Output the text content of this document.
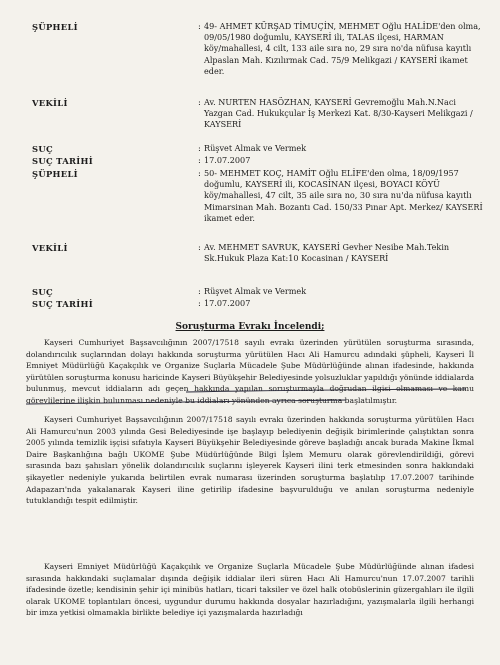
ŞÜPHELİ	: 49- AHMET KÜRŞAD TİMUÇİN, MEHMET Oğlu HALİDE'den olma, 09/05/1980 doğumlu, KAYSERİ ili, TALAS ilçesi, HARMAN köy/mahallesi, 4 cilt, 133 aile sıra no, 29 sıra no'da nüfusa kayıtlı Alpaslan Mah. Kızılırmak Cad. 75/9 Melikgazi / KAYSERİ ikamet eder.
VEKİLİ	: Av. NURTEN HASÖZHAN, KAYSERİ Gevremoğlu Mah.N.Naci Yazgan Cad. Hukukçular İş Merkezi Kat. 8/30-Kayseri Melikgazi / KAYSERİ
SUÇ	: Rüşvet Almak ve Vermek
SUÇ TARİHİ	: 17.07.2007
ŞÜPHELİ	: 50- MEHMET KOÇ, HAMİT Oğlu ELİFE'den olma, 18/09/1957 doğumlu, KAYSERİ ili, KOCASİNAN ilçesi, BOYACI KÖYÜ köy/mahallesi, 47 cilt, 35 aile sıra no, 30 sıra nu'da nüfusa kayıtlı Mimarsinan Mah. Bozantı Cad. 150/33 Pınar Apt. Merkez/ KAYSERİ ikamet eder.
VEKİLİ	: Av. MEHMET SAVRUK, KAYSERİ Gevher Nesibe Mah.Tekin Sk.Hukuk Plaza Kat:10 Kocasinan / KAYSERİ
SUÇ	: Rüşvet Almak ve Vermek
SUÇ TARİHİ	: 17.07.2007
Soruşturma Evrakı İncelendi;
Kayseri Cumhuriyet Başsavcılığının 2007/17518 sayılı evrakı üzerinden yürütülen soruşturma sırasında, dolandırıcılık suçlarından dolayı hakkında soruşturma yürütülen Hacı Ali Hamurcu adındaki şüpheli, Kayseri İl Emniyet Müdürlüğü Kaçakçılık ve Organize Suçlarla Mücadele Şube Müdürlüğünde alınan ifadesinde, hakkında yürütülen soruşturma konusu haricinde Kayseri Büyükşehir Belediyesinde yolsuzluklar yapıldığı yönünde iddialarda bulunmuş, mevcut iddiaların adı geçen hakkında yapılan soruşturmayla doğrudan ilgisi olmaması ve kamu görevlilerine ilişkin bulunması nedeniyle bu iddiaları yönünden ayrıca soruşturma başlatılmıştır.
Kayseri Cumhuriyet Başsavcılığının 2007/17518 sayılı evrakı üzerinden hakkında soruşturma yürütülen Hacı Ali Hamurcu'nun 2003 yılında Gesi Belediyesinde işe başlayıp belediyenin değişik birimlerinde çalıştıktan sonra 2005 yılında temizlik işçisi sıfatıyla Kayseri Büyükşehir Belediyesinde göreve başladığı ancak burada Makine İkmal Daire Başkanlığına bağlı UKOME Şube Müdürlüğünde Bilgi İşlem Memuru olarak görevlendirildiği, görevi sırasında bazı şahısları yönelik dolandırıcılık suçlarını işleyerek Kayseri ilini terk etmesinden sonra hakkındaki şikayetler nedeniyle yukarıda belirtilen evrak numarası üzerinden soruşturma başlatılıp 17.07.2007 tarihinde Adapazarı'nda yakalanarak Kayseri iline getirilip ifadesine başvurulduğu ve anılan soruşturma nedeniyle tutuklandığı tespit edilmiştir.
Kayseri Emniyet Müdürlüğü Kaçakçılık ve Organize Suçlarla Mücadele Şube Müdürlüğünde alınan ifadesi sırasında hakkındaki suçlamalar dışında değişik iddialar ileri süren Hacı Ali Hamurcu'nun 17.07.2007 tarihli ifadesinde özetle; kendisinin şehir içi minibüs hatları, ticari taksiler ve özel halk otobüslerinin güzergahları ile ilgili olarak UKOME toplantıları öncesi, uygundur durumu hakkında dosyalar hazırladığını, yazışmalarla ilgili herhangi bir imza yetkisi olmamakla birlikte belediye içi yazışmalarda hazırladığı
